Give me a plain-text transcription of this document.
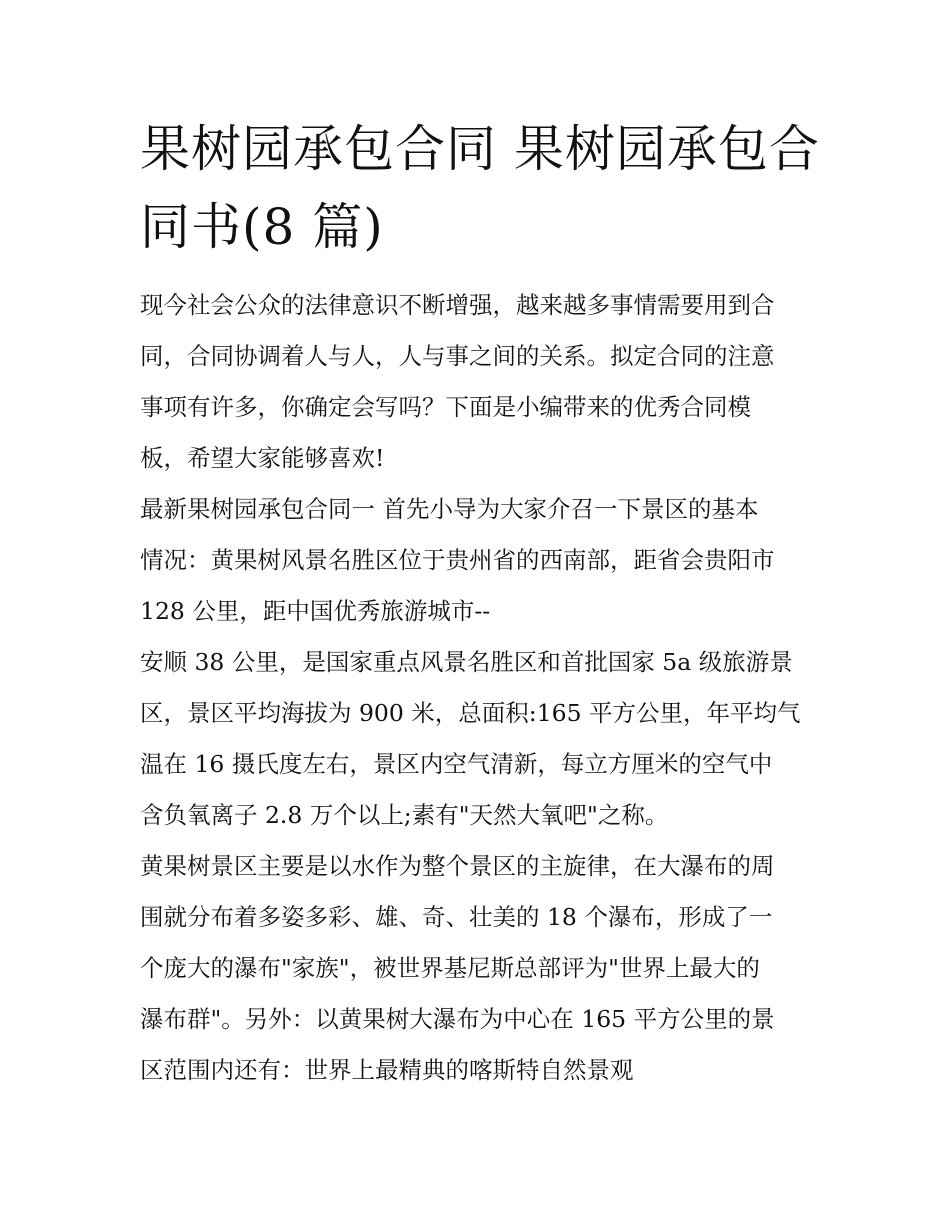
果树园承包合同 果树园承包合
同书(8 篇)

现今社会公众的法律意识不断增强，越来越多事情需要用到合
同，合同协调着人与人，人与事之间的关系。拟定合同的注意
事项有许多，你确定会写吗？下面是小编带来的优秀合同模
板，希望大家能够喜欢!

最新果树园承包合同一 首先小导为大家介召一下景区的基本
情况：黄果树风景名胜区位于贵州省的西南部，距省会贵阳市
128 公里，距中国优秀旅游城市--

安顺 38 公里，是国家重点风景名胜区和首批国家 5a 级旅游景
区，景区平均海拔为 900 米，总面积:165 平方公里，年平均气
温在 16 摄氏度左右，景区内空气清新，每立方厘米的空气中
含负氧离子 2.8 万个以上;素有"天然大氧吧"之称。

黄果树景区主要是以水作为整个景区的主旋律，在大瀑布的周
围就分布着多姿多彩、雄、奇、壮美的 18 个瀑布，形成了一
个庞大的瀑布"家族"，被世界基尼斯总部评为"世界上最大的
瀑布群"。另外：以黄果树大瀑布为中心在 165 平方公里的景
区范围内还有：世界上最精典的喀斯特自然景观
